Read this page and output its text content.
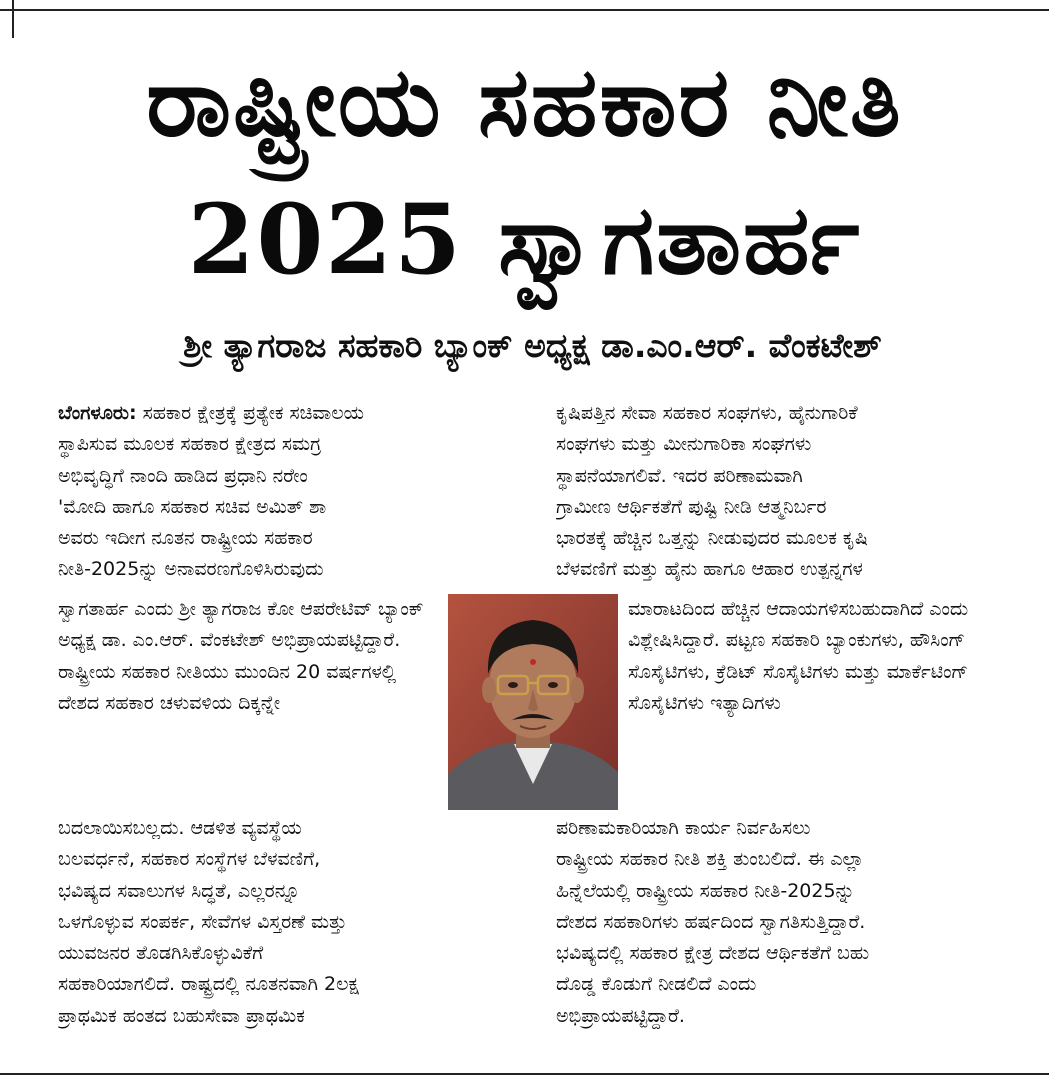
ರಾಷ್ಟ್ರೀಯ ಸಹಕಾರ ನೀತಿ
2025 ಸ್ವಾಗತಾರ್ಹ
ಶ್ರೀ ತ್ಯಾಗರಾಜ ಸಹಕಾರಿ ಬ್ಯಾಂಕ್ ಅಧ್ಯಕ್ಷ ಡಾ.ಎಂ.ಆರ್. ವೆಂಕಟೇಶ್
ಬೆಂಗಳೂರು: ಸಹಕಾರ ಕ್ಷೇತ್ರಕ್ಕೆ ಪ್ರತ್ಯೇಕ ಸಚಿವಾಲಯ
ಸ್ಥಾಪಿಸುವ ಮೂಲಕ ಸಹಕಾರ ಕ್ಷೇತ್ರದ ಸಮಗ್ರ
ಅಭಿವೃದ್ಧಿಗೆ ನಾಂದಿ ಹಾಡಿದ ಪ್ರಧಾನಿ ನರೇಂ
'ಮೋದಿ ಹಾಗೂ ಸಹಕಾರ ಸಚಿವ ಅಮಿತ್ ಶಾ
ಅವರು ಇದೀಗ ನೂತನ ರಾಷ್ಟ್ರೀಯ ಸಹಕಾರ
ನೀತಿ-2025ನ್ನು ಅನಾವರಣಗೊಳಿಸಿರುವುದು
ಸ್ವಾಗತಾರ್ಹ ಎಂದು ಶ್ರೀ ತ್ಯಾಗರಾಜ ಕೋ ಆಪರೇಟಿವ್ ಬ್ಯಾಂಕ್ ಅಧ್ಯಕ್ಷ ಡಾ. ಎಂ.ಆರ್. ವೆಂಕಟೇಶ್ ಅಭಿಪ್ರಾಯಪಟ್ಟಿದ್ದಾರೆ. ರಾಷ್ಟ್ರೀಯ ಸಹಕಾರ ನೀತಿಯು ಮುಂದಿನ 20 ವರ್ಷಗಳಲ್ಲಿ ದೇಶದ ಸಹಕಾರ ಚಳುವಳಿಯ ದಿಕ್ಕನ್ನೇ
ಬದಲಾಯಿಸಬಲ್ಲದು. ಆಡಳಿತ ವ್ಯವಸ್ಥೆಯ
ಬಲವರ್ಧನೆ, ಸಹಕಾರ ಸಂಸ್ಥೆಗಳ ಬೆಳವಣಿಗೆ,
ಭವಿಷ್ಯದ ಸವಾಲುಗಳ ಸಿದ್ಧತೆ, ಎಲ್ಲರನ್ನೂ
ಒಳಗೊಳ್ಳುವ ಸಂಪರ್ಕ, ಸೇವೆಗಳ ವಿಸ್ತರಣೆ ಮತ್ತು
ಯುವಜನರ ತೊಡಗಿಸಿಕೊಳ್ಳುವಿಕೆಗೆ
ಸಹಕಾರಿಯಾಗಲಿದೆ. ರಾಷ್ಟ್ರದಲ್ಲಿ ನೂತನವಾಗಿ 2ಲಕ್ಷ
ಪ್ರಾಥಮಿಕ ಹಂತದ ಬಹುಸೇವಾ ಪ್ರಾಥಮಿಕ
ಕೃಷಿಪತ್ತಿನ ಸೇವಾ ಸಹಕಾರ ಸಂಘಗಳು, ಹೈನುಗಾರಿಕೆ
ಸಂಘಗಳು ಮತ್ತು ಮೀನುಗಾರಿಕಾ ಸಂಘಗಳು
ಸ್ಥಾಪನೆಯಾಗಲಿವೆ. ಇದರ ಪರಿಣಾಮವಾಗಿ
ಗ್ರಾಮೀಣ ಆರ್ಥಿಕತೆಗೆ ಪುಷ್ಟಿ ನೀಡಿ ಆತ್ಮನಿರ್ಬರ
ಭಾರತಕ್ಕೆ ಹೆಚ್ಚಿನ ಒತ್ತನ್ನು ನೀಡುವುದರ ಮೂಲಕ ಕೃಷಿ
ಬೆಳವಣಿಗೆ ಮತ್ತು ಹೈನು ಹಾಗೂ ಆಹಾರ ಉತ್ಪನ್ನಗಳ
ಮಾರಾಟದಿಂದ ಹೆಚ್ಚಿನ ಆದಾಯಗಳಿಸಬಹುದಾಗಿದೆ ಎಂದು ವಿಶ್ಲೇಷಿಸಿದ್ದಾರೆ. ಪಟ್ಟಣ ಸಹಕಾರಿ ಬ್ಯಾಂಕುಗಳು, ಹೌಸಿಂಗ್ ಸೊಸೈಟಿಗಳು, ಕ್ರೆಡಿಟ್ ಸೊಸೈಟಿಗಳು ಮತ್ತು ಮಾರ್ಕೆಟಿಂಗ್ ಸೊಸೈಟಿಗಳು ಇತ್ಯಾದಿಗಳು
ಪರಿಣಾಮಕಾರಿಯಾಗಿ ಕಾರ್ಯ ನಿರ್ವಹಿಸಲು
ರಾಷ್ಟ್ರೀಯ ಸಹಕಾರ ನೀತಿ ಶಕ್ತಿ ತುಂಬಲಿದೆ. ಈ ಎಲ್ಲಾ
ಹಿನ್ನೆಲೆಯಲ್ಲಿ ರಾಷ್ಟ್ರೀಯ ಸಹಕಾರ ನೀತಿ-2025ನ್ನು
ದೇಶದ ಸಹಕಾರಿಗಳು ಹರ್ಷದಿಂದ ಸ್ವಾಗತಿಸುತ್ತಿದ್ದಾರೆ.
ಭವಿಷ್ಯದಲ್ಲಿ ಸಹಕಾರ ಕ್ಷೇತ್ರ ದೇಶದ ಆರ್ಥಿಕತೆಗೆ ಬಹು
ದೊಡ್ಡ ಕೊಡುಗೆ ನೀಡಲಿದೆ ಎಂದು
ಅಭಿಪ್ರಾಯಪಟ್ಟಿದ್ದಾರೆ.
